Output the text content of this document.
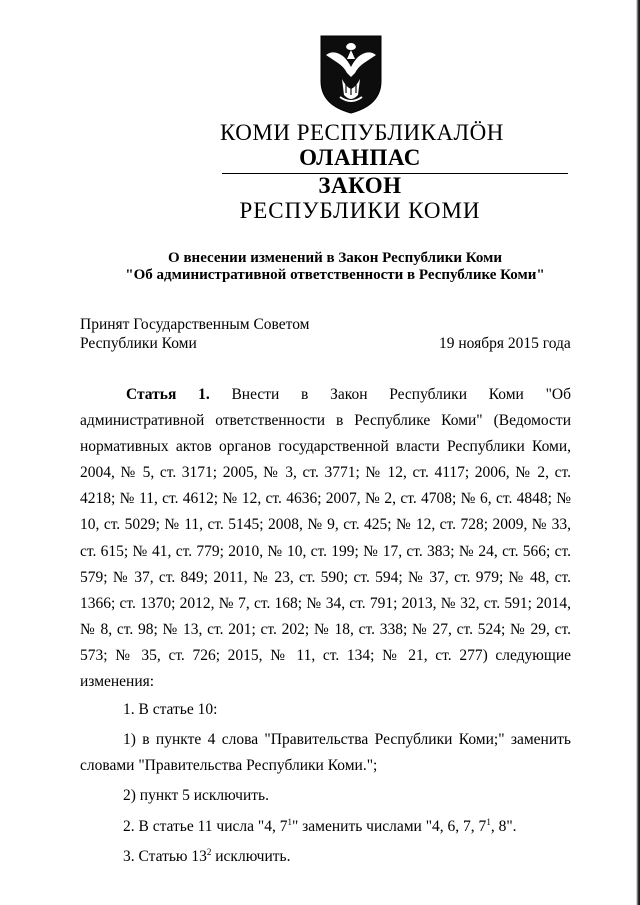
КОМИ РЕСПУБЛИКАЛÖН
ОЛАНПАС
ЗАКОН
РЕСПУБЛИКИ КОМИ
О внесении изменений в Закон Республики Коми
"Об административной ответственности в Республике Коми"
Принят Государственным Советом
Республики Коми	19 ноября 2015 года

Статья 1. Внести в Закон Республики Коми "Об административной ответственности в Республике Коми" (Ведомости нормативных актов органов государственной власти Республики Коми, 2004, № 5, ст. 3171; 2005, № 3, ст. 3771; № 12, ст. 4117; 2006, № 2, ст. 4218; № 11, ст. 4612; № 12, ст. 4636; 2007, № 2, ст. 4708; № 6, ст. 4848; № 10, ст. 5029; № 11, ст. 5145; 2008, № 9, ст. 425; № 12, ст. 728; 2009, № 33, ст. 615; № 41, ст. 779; 2010, № 10, ст. 199; № 17, ст. 383; № 24, ст. 566; ст. 579; № 37, ст. 849; 2011, № 23, ст. 590; ст. 594; № 37, ст. 979; № 48, ст. 1366; ст. 1370; 2012, № 7, ст. 168; № 34, ст. 791; 2013, № 32, ст. 591; 2014, № 8, ст. 98; № 13, ст. 201; ст. 202; № 18, ст. 338; № 27, ст. 524; № 29, ст. 573; № 35, ст. 726; 2015, № 11, ст. 134; № 21, ст. 277) следующие изменения:

1. В статье 10:

1) в пункте 4 слова "Правительства Республики Коми;" заменить словами "Правительства Республики Коми.";

2) пункт 5 исключить.

2. В статье 11 числа "4, $7^1$" заменить числами "4, 6, 7, $7^1$, 8".

3. Статью $13^2$ исключить.
